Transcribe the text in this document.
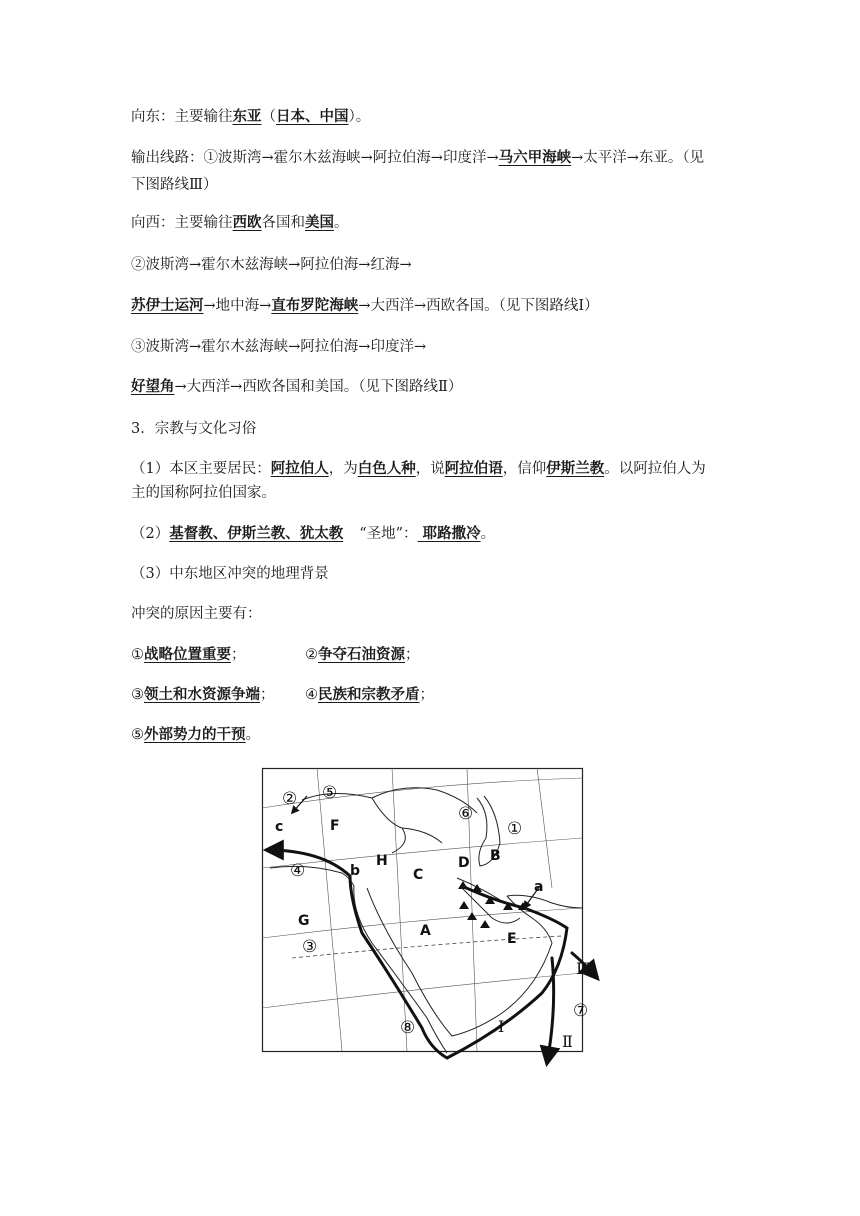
向东：主要输往东亚（日本、中国）。
输出线路：①波斯湾→霍尔木兹海峡→阿拉伯海→印度洋→马六甲海峡→太平洋→东亚。（见
下图路线Ⅲ）
向西：主要输往西欧各国和美国。
②波斯湾→霍尔木兹海峡→阿拉伯海→红海→
苏伊士运河→地中海→直布罗陀海峡→大西洋→西欧各国。（见下图路线Ⅰ）
③波斯湾→霍尔木兹海峡→阿拉伯海→印度洋→
好望角→大西洋→西欧各国和美国。（见下图路线Ⅱ）
3．宗教与文化习俗
（1）本区主要居民：阿拉伯人，为白色人种，说阿拉伯语，信仰伊斯兰教。以阿拉伯人为
主的国称阿拉伯国家。
（2）基督教、伊斯兰教、犹太教 “圣地”： 耶路撒冷。
（3）中东地区冲突的地理背景
冲突的原因主要有：
①战略位置重要；	②争夺石油资源；
③领土和水资源争端； ④民族和宗教矛盾；
⑤外部势力的干预。
② ⑤
c	F
⑥
①
B
④	H	D
C
b
a
G
A	E
③
Ⅲ
⑦
Ⅰ
⑧
Ⅱ
